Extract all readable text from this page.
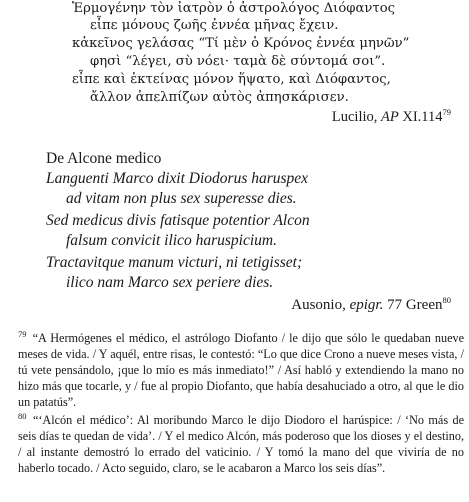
Ἑρμογένην τὸν ἰατρὸν ὁ ἀστρολόγος Διόφαντος
εἶπε μόνους ζωῆς ἐννέα μῆνας ἔχειν.
κἀκεῖνος γελάσας “Τί μὲν ὁ Κρόνος ἐννέα μηνῶν”
φησὶ “λέγει, σὺ νόει· ταμὰ δὲ σύντομά σοι”.
εἶπε καὶ ἐκτείνας μόνον ἥψατο, καὶ Διόφαντος,
ἄλλον ἀπελπίζων αὐτὸς ἀπησκάρισεν.
Lucilio, AP XI.114$^{79}$
De Alcone medico
Languenti Marco dixit Diodorus haruspex
ad vitam non plus sex superesse dies.
Sed medicus divis fatisque potentior Alcon
falsum convicit ilico haruspicium.
Tractavitque manum victuri, ni tetigisset;
ilico nam Marco sex periere dies.
Ausonio, epigr. 77 Green$^{80}$
$^{79}$ “A Hermógenes el médico, el astrólogo Diofanto / le dijo que sólo le quedaban nueve meses de vida. / Y aquél, entre risas, le contestó: “Lo que dice Crono a nueve meses vista, / tú vete pensándolo, ¡que lo mío es más inmediato!” / Así habló y extendiendo la mano no hizo más que tocarle, y / fue al propio Diofanto, que había desahuciado a otro, al que le dio un patatús”.
$^{80}$ “‘Alcón el médico’: Al moribundo Marco le dijo Diodoro el harúspice: / ‘No más de seis días te quedan de vida’. / Y el medico Alcón, más poderoso que los dioses y el destino, / al instante demostró lo errado del vaticinio. / Y tomó la mano del que viviría de no haberlo tocado. / Acto seguido, claro, se le acabaron a Marco los seis días”.
